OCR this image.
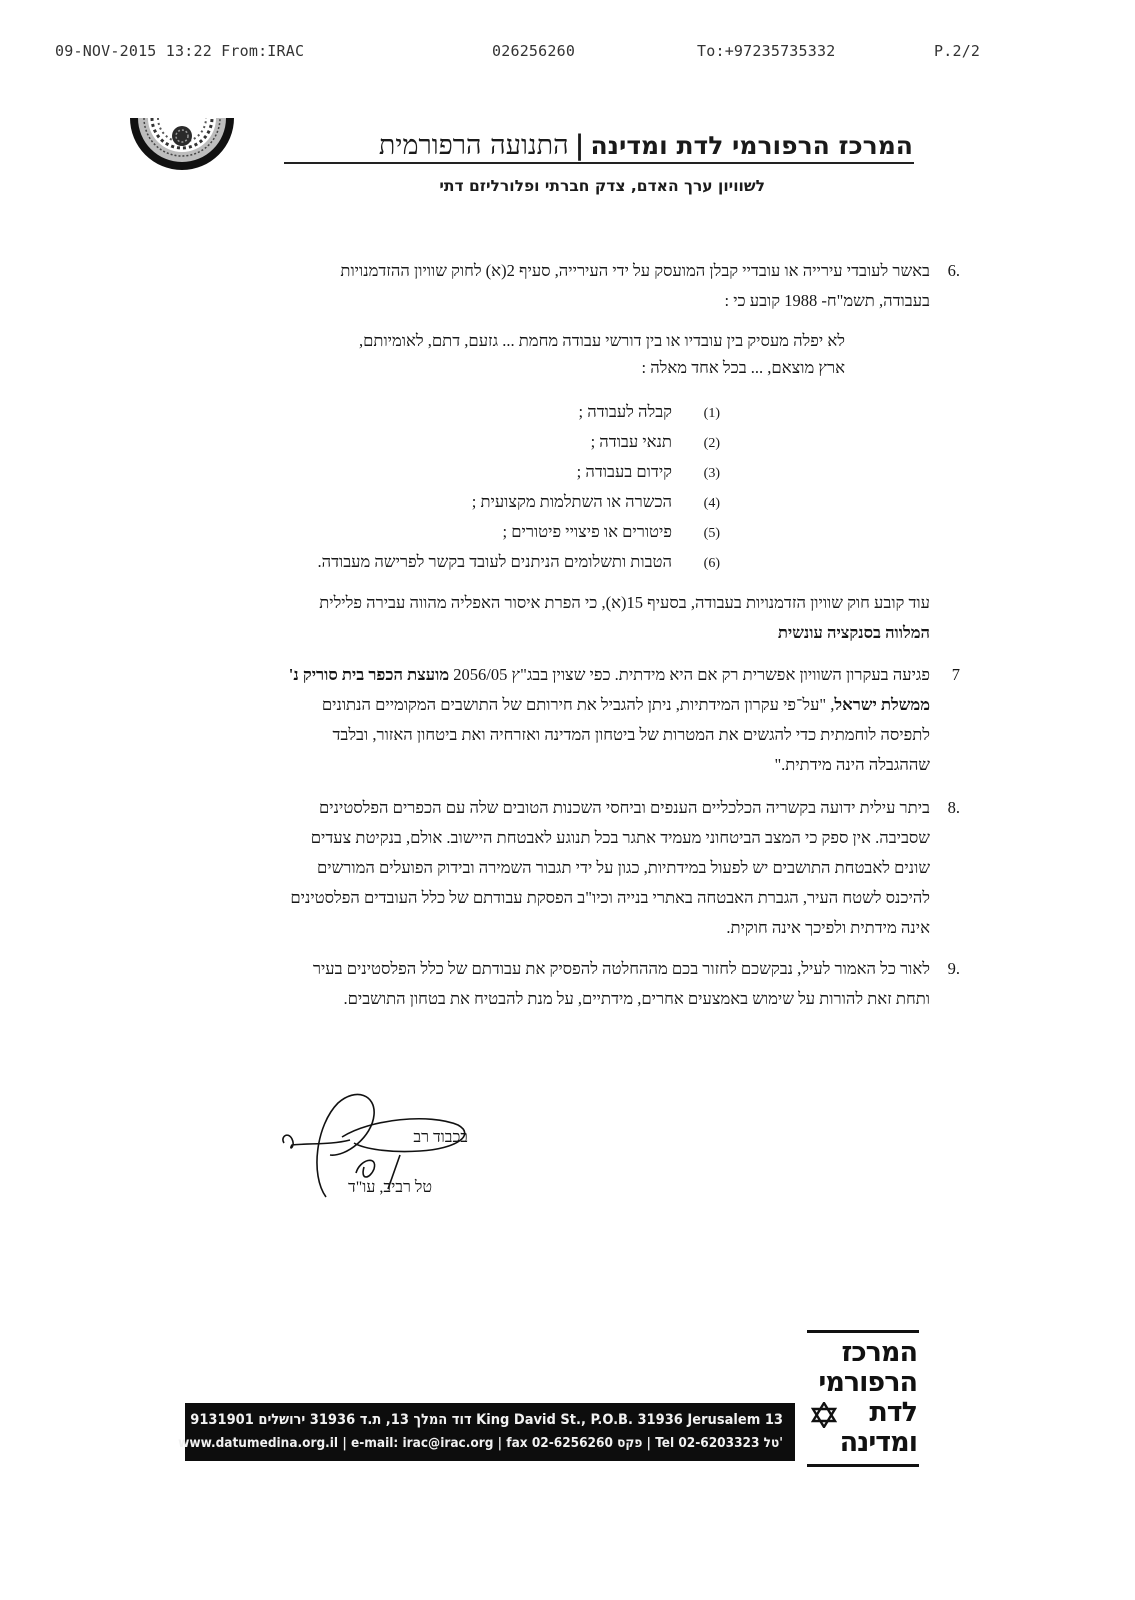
09-NOV-2015 13:22 From:IRAC	026256260	To:+97235735332	P.2/2
המרכז הרפורמי לדת ומדינה|התנועה הרפורמית
לשוויון ערך האדם, צדק חברתי ופלורליזם דתי
6.
באשר לעובדי עירייה או עובדיי קבלן המועסק על ידי העירייה, סעיף 2(א) לחוק שוויון ההזדמנויות
בעבודה, תשמ"ח- 1988 קובע כי :
לא יפלה מעסיק בין עובדיו או בין דורשי עבודה מחמת ... גזעם, דתם, לאומיותם,
ארץ מוצאם, ... בכל אחד מאלה :
(1)קבלה לעבודה ;
(2)תנאי עבודה ;
(3)קידום בעבודה ;
(4)הכשרה או השתלמות מקצועית ;
(5)פיטורים או פיצויי פיטורים ;
(6)הטבות ותשלומים הניתנים לעובד בקשר לפרישה מעבודה.
עוד קובע חוק שוויון הזדמנויות בעבודה, בסעיף 15(א), כי הפרת איסור האפליה מהווה עבירה פלילית
המלווה בסנקציה עונשית
7
פגיעה בעקרון השוויון אפשרית רק אם היא מידתית. כפי שצוין בבג"ץ 2056/05 מועצת הכפר בית סוריק נ'
ממשלת ישראל, "על־פי עקרון המידתיות, ניתן להגביל את חירותם של התושבים המקומיים הנתונים
לתפיסה לוחמתית כדי להגשים את המטרות של ביטחון המדינה ואזרחיה ואת ביטחון האזור, ובלבד
שההגבלה הינה מידתית."
8.
ביתר עילית ידועה בקשריה הכלכליים הענפים וביחסי השכנות הטובים שלה עם הכפרים הפלסטינים
שסביבה. אין ספק כי המצב הביטחוני מעמיד אתגר בכל תנוגע לאבטחת היישוב. אולם, בנקיטת צעדים
שונים לאבטחת התושבים יש לפעול במידתיות, כגון על ידי תגבור השמירה ובידוק הפועלים המורשים
להיכנס לשטח העיר, הגברת האבטחה באתרי בנייה וכיו"ב הפסקת עבודתם של כלל העובדים הפלסטינים
אינה מידתית ולפיכך אינה חוקית.
9.
לאור כל האמור לעיל, נבקשכם לחזור בכם מההחלטה להפסיק את עבודתם של כלל הפלסטינים בעיר
ותחת זאת להורות על שימוש באמצעים אחרים, מידתיים, על מנת להבטיח את בטחון התושבים.
בכבוד רב
טל רביב, עו"ד
דוד המלך 13, ת.ד 31936 ירושלים 9131901 King David St., P.O.B. 31936 Jerusalem 13
www.datumedina.org.il | e-mail: irac@irac.org | fax 02-6256260 פקס | Tel 02-6203323 טל'
המרכז
הרפורמי
לדת
ומדינה
